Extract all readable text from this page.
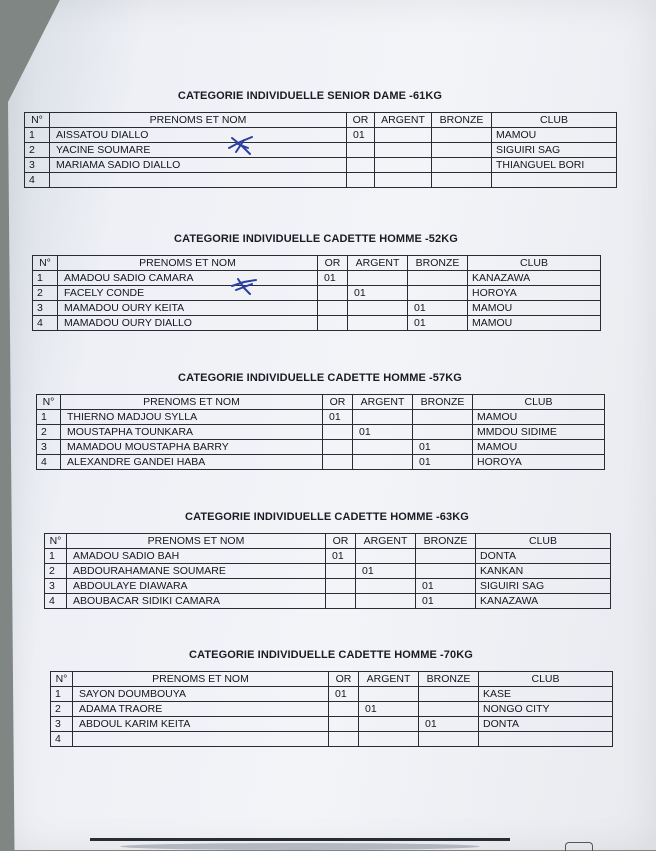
CATEGORIE INDIVIDUELLE SENIOR DAME -61KG
N°	PRENOMS ET NOM	OR	ARGENT	BRONZE	CLUB
1	AISSATOU DIALLO	01			MAMOU
2	YACINE SOUMARE				SIGUIRI SAG
3	MARIAMA SADIO DIALLO				THIANGUEL BORI
4					
CATEGORIE INDIVIDUELLE CADETTE HOMME -52KG
N°	PRENOMS ET NOM	OR	ARGENT	BRONZE	CLUB
1	AMADOU SADIO CAMARA	01			KANAZAWA
2	FACELY CONDE		01		HOROYA
3	MAMADOU OURY KEITA			01	MAMOU
4	MAMADOU OURY DIALLO			01	MAMOU
CATEGORIE INDIVIDUELLE CADETTE HOMME -57KG
N°	PRENOMS ET NOM	OR	ARGENT	BRONZE	CLUB
1	THIERNO MADJOU SYLLA	01			MAMOU
2	MOUSTAPHA TOUNKARA		01		MMDOU SIDIME
3	MAMADOU MOUSTAPHA BARRY			01	MAMOU
4	ALEXANDRE GANDEI HABA			01	HOROYA
CATEGORIE INDIVIDUELLE CADETTE HOMME -63KG
N°	PRENOMS ET NOM	OR	ARGENT	BRONZE	CLUB
1	AMADOU SADIO BAH	01			DONTA
2	ABDOURAHAMANE SOUMARE		01		KANKAN
3	ABDOULAYE DIAWARA			01	SIGUIRI SAG
4	ABOUBACAR SIDIKI CAMARA			01	KANAZAWA
CATEGORIE INDIVIDUELLE CADETTE HOMME -70KG
N°	PRENOMS ET NOM	OR	ARGENT	BRONZE	CLUB
1	SAYON DOUMBOUYA	01			KASE
2	ADAMA TRAORE		01		NONGO CITY
3	ABDOUL KARIM KEITA			01	DONTA
4					
